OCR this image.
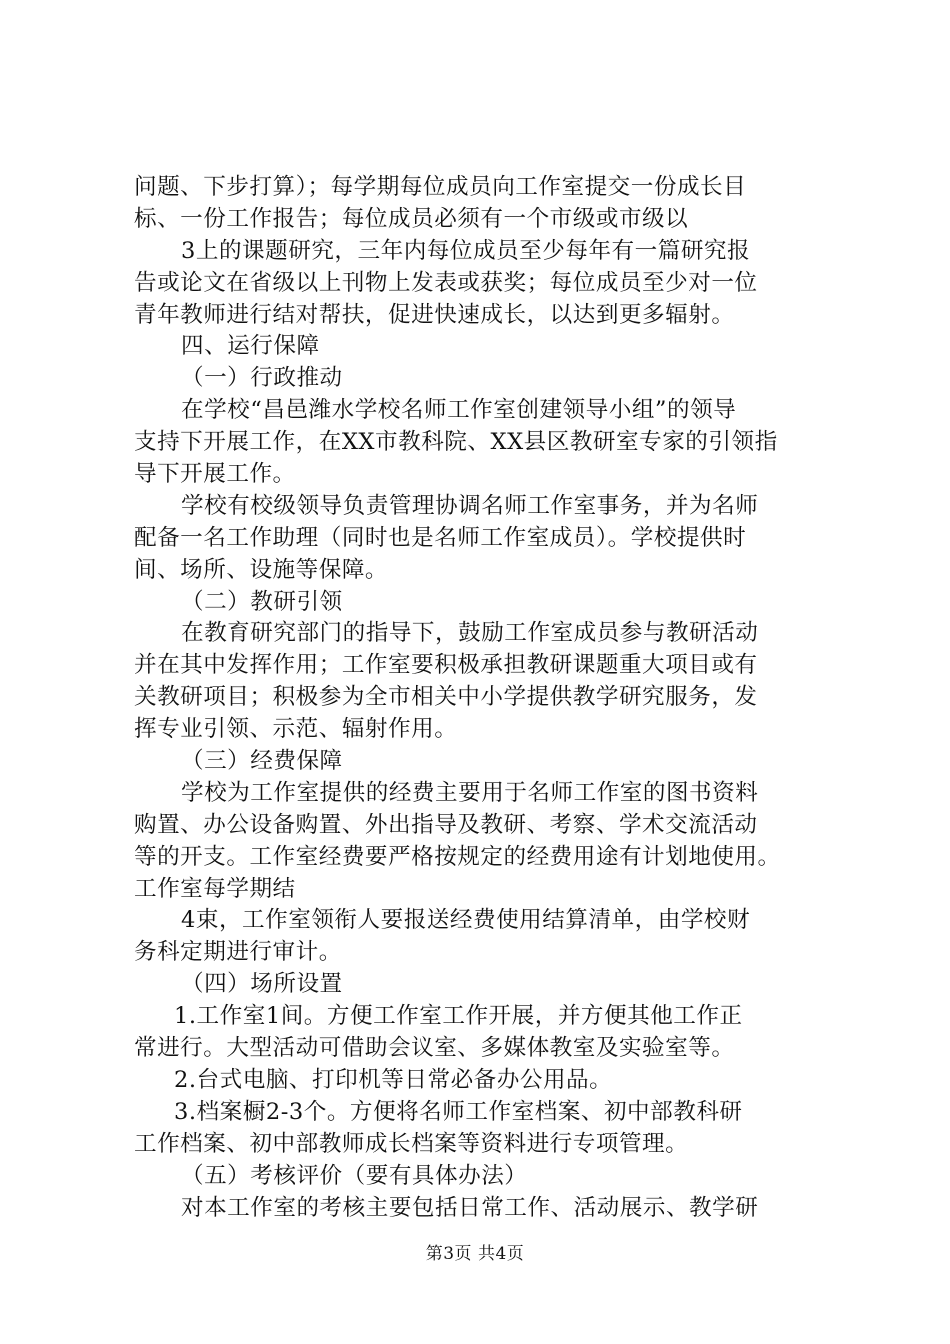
问题、下步打算）；每学期每位成员向工作室提交一份成长目
标、一份工作报告；每位成员必须有一个市级或市级以
3上的课题研究，三年内每位成员至少每年有一篇研究报
告或论文在省级以上刊物上发表或获奖；每位成员至少对一位
青年教师进行结对帮扶，促进快速成长，以达到更多辐射。
四、运行保障
（一）行政推动
在学校“昌邑潍水学校名师工作室创建领导小组”的领导
支持下开展工作，在XX市教科院、XX县区教研室专家的引领指
导下开展工作。
学校有校级领导负责管理协调名师工作室事务，并为名师
配备一名工作助理（同时也是名师工作室成员）。学校提供时
间、场所、设施等保障。
（二）教研引领
在教育研究部门的指导下，鼓励工作室成员参与教研活动
并在其中发挥作用；工作室要积极承担教研课题重大项目或有
关教研项目；积极参为全市相关中小学提供教学研究服务，发
挥专业引领、示范、辐射作用。
（三）经费保障
学校为工作室提供的经费主要用于名师工作室的图书资料
购置、办公设备购置、外出指导及教研、考察、学术交流活动
等的开支。工作室经费要严格按规定的经费用途有计划地使用。
工作室每学期结
4束，工作室领衔人要报送经费使用结算清单，由学校财
务科定期进行审计。
（四）场所设置
1.工作室1间。方便工作室工作开展，并方便其他工作正
常进行。大型活动可借助会议室、多媒体教室及实验室等。
2.台式电脑、打印机等日常必备办公用品。
3.档案橱2-3个。方便将名师工作室档案、初中部教科研
工作档案、初中部教师成长档案等资料进行专项管理。
（五）考核评价（要有具体办法）
对本工作室的考核主要包括日常工作、活动展示、教学研
第3页 共4页
